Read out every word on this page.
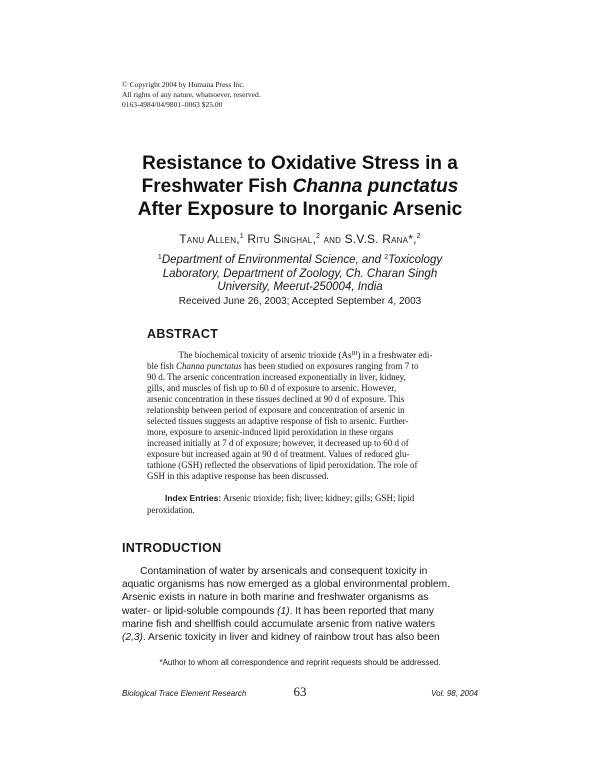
© Copyright 2004 by Humana Press Inc.
All rights of any nature, whatsoever, reserved.
0163-4984/04/9801–0063 $25.00
Resistance to Oxidative Stress in a
Freshwater Fish Channa punctatus
After Exposure to Inorganic Arsenic
Tanu Allen,$^1$ Ritu Singhal,$^2$ and S.V.S. Rana*,$^2$
$^1$Department of Environmental Science, and $^2$Toxicology
Laboratory, Department of Zoology, Ch. Charan Singh
University, Meerut-250004, India
Received June 26, 2003; Accepted September 4, 2003
ABSTRACT
    The biochemical toxicity of arsenic trioxide $(As^{III})$ in a freshwater edi-
ble fish Channa punctatus has been studied on exposures ranging from 7 to
90 d. The arsenic concentration increased exponentially in liver, kidney,
gills, and muscles of fish up to 60 d of exposure to arsenic. However,
arsenic concentration in these tissues declined at 90 d of exposure. This
relationship between period of exposure and concentration of arsenic in
selected tissues suggests an adaptive response of fish to arsenic. Further-
more, exposure to arsenic-induced lipid peroxidation in these organs
increased initially at 7 d of exposure; however, it decreased up to 60 d of
exposure but increased again at 90 d of treatment. Values of reduced glu-
tathione (GSH) reflected the observations of lipid peroxidation. The role of
GSH in this adaptive response has been discussed.
  Index Entries: Arsenic trioxide; fish; liver; kidney; gills; GSH; lipid
peroxidation.
INTRODUCTION
   Contamination of water by arsenicals and consequent toxicity in
aquatic organisms has now emerged as a global environmental problem.
Arsenic exists in nature in both marine and freshwater organisms as
water- or lipid-soluble compounds (1). It has been reported that many
marine fish and shellfish could accumulate arsenic from native waters
(2,3). Arsenic toxicity in liver and kidney of rainbow trout has also been
*Author to whom all correspondence and reprint requests should be addressed.
Biological Trace Element Research	63	Vol. 98, 2004
